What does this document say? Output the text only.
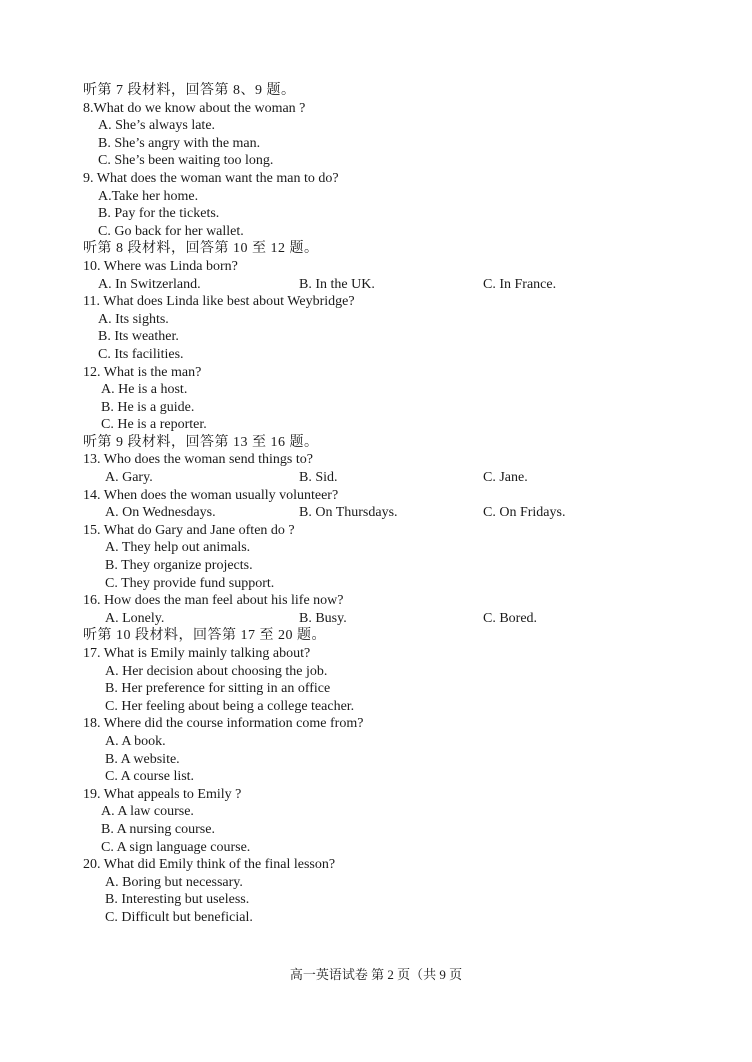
听第 7 段材料，回答第 8、9 题。
8.What do we know about the woman ?
A. She’s always late.
B. She’s angry with the man.
C. She’s been waiting too long.
9. What does the woman want the man to do?
A.Take her home.
B. Pay for the tickets.
C. Go back for her wallet.
听第 8 段材料，回答第 10 至 12 题。
10. Where was Linda born?
A. In Switzerland.	B. In the UK.	C. In France.
11. What does Linda like best about Weybridge?
A. Its sights.
B. Its weather.
C. Its facilities.
12. What is the man?
A. He is a host.
B. He is a guide.
C. He is a reporter.
听第 9 段材料，回答第 13 至 16 题。
13. Who does the woman send things to?
A. Gary.	B. Sid.	C. Jane.
14. When does the woman usually volunteer?
A. On Wednesdays.	B. On Thursdays.	C. On Fridays.
15. What do Gary and Jane often do ?
A. They help out animals.
B. They organize projects.
C. They provide fund support.
16. How does the man feel about his life now?
A. Lonely.	B. Busy.	C. Bored.
听第 10 段材料，回答第 17 至 20 题。
17. What is Emily mainly talking about?
A. Her decision about choosing the job.
B. Her preference for sitting in an office
C. Her feeling about being a college teacher.
18. Where did the course information come from?
A. A book.
B. A website.
C. A course list.
19. What appeals to Emily ?
A. A law course.
B. A nursing course.
C. A sign language course.
20. What did Emily think of the final lesson?
A. Boring but necessary.
B. Interesting but useless.
C. Difficult but beneficial.
高一英语试卷 第 2 页（共 9 页
